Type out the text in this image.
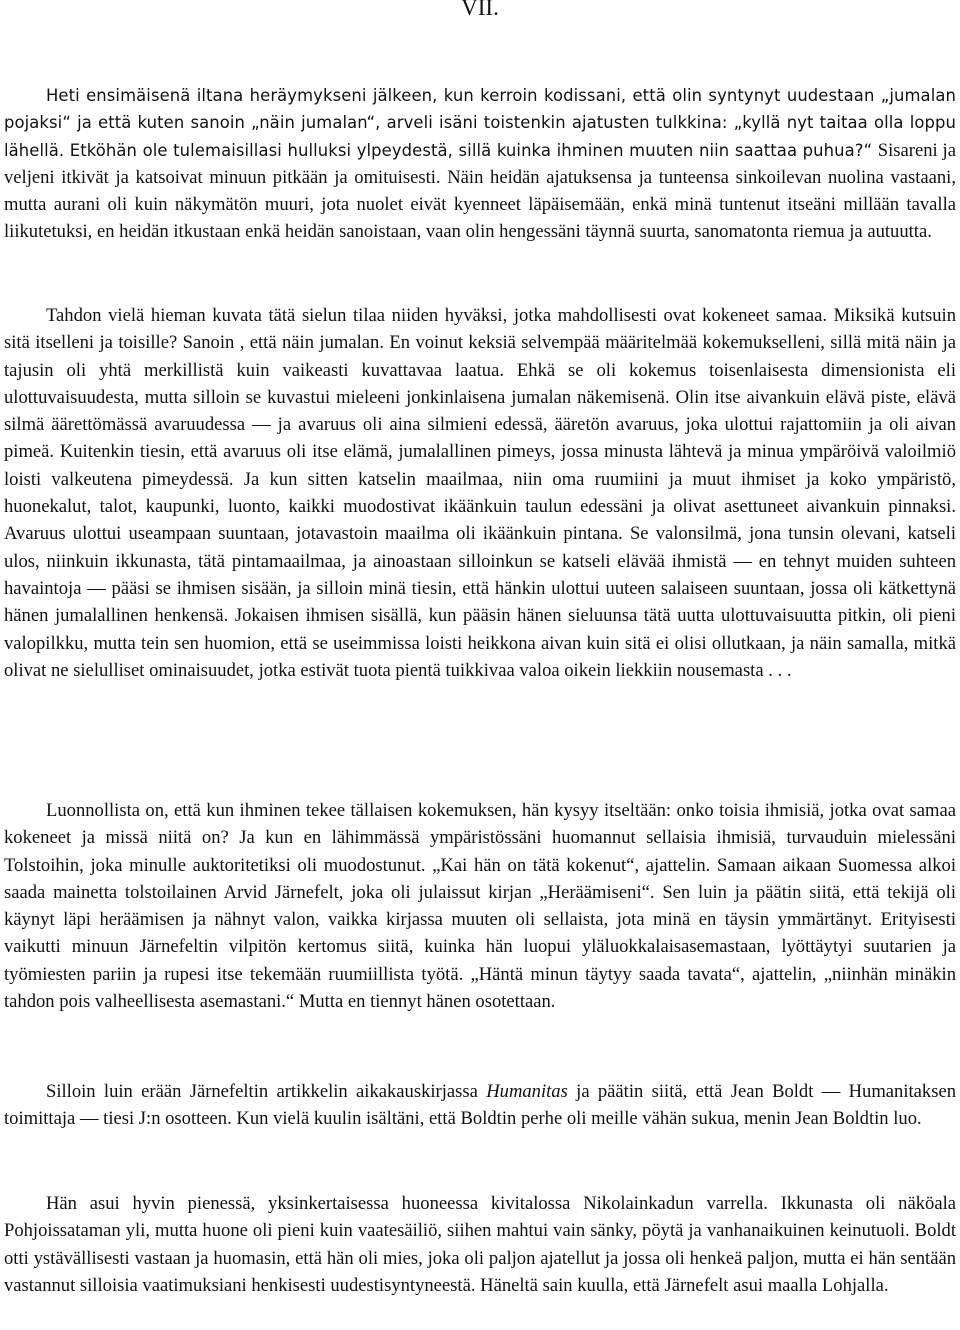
VII.

Heti ensimäisenä iltana heräymykseni jälkeen, kun kerroin kodissani, että olin syntynyt uudestaan „jumalan pojaksi“ ja että kuten sanoin „näin jumalan“, arveli isäni toistenkin ajatusten tulkkina: „kyllä nyt taitaa olla loppu lähellä. Etköhän ole tulemaisillasi hulluksi ylpeydestä, sillä kuinka ihminen muuten niin saattaa puhua?“ Sisareni ja veljeni itkivät ja katsoivat minuun pitkään ja omituisesti. Näin heidän ajatuksensa ja tunteensa sinkoilevan nuolina vastaani, mutta aurani oli kuin näkymätön muuri, jota nuolet eivät kyenneet läpäisemään, enkä minä tuntenut itseäni millään tavalla liikutetuksi, en heidän itkustaan enkä heidän sanoistaan, vaan olin hengessäni täynnä suurta, sanomatonta riemua ja autuutta.

Tahdon vielä hieman kuvata tätä sielun tilaa niiden hyväksi, jotka mahdollisesti ovat kokeneet samaa. Miksikä kutsuin sitä itselleni ja toisille? Sanoin , että näin jumalan. En voinut keksiä selvempää määritelmää kokemukselleni, sillä mitä näin ja tajusin oli yhtä merkillistä kuin vaikeasti kuvattavaa laatua. Ehkä se oli kokemus toisenlaisesta dimensionista eli ulottuvaisuudesta, mutta silloin se kuvastui mieleeni jonkinlaisena jumalan näkemisenä. Olin itse aivankuin elävä piste, elävä silmä äärettömässä avaruudessa — ja avaruus oli aina silmieni edessä, ääretön avaruus, joka ulottui rajattomiin ja oli aivan pimeä. Kuitenkin tiesin, että avaruus oli itse elämä, jumalallinen pimeys, jossa minusta lähtevä ja minua ympäröivä valoilmiö loisti valkeutena pimeydessä. Ja kun sitten katselin maailmaa, niin oma ruumiini ja muut ihmiset ja koko ympäristö, huonekalut, talot, kaupunki, luonto, kaikki muodostivat ikäänkuin taulun edessäni ja olivat asettuneet aivankuin pinnaksi. Avaruus ulottui useampaan suuntaan, jotavastoin maailma oli ikäänkuin pintana. Se valonsilmä, jona tunsin olevani, katseli ulos, niinkuin ikkunasta, tätä pintamaailmaa, ja ainoastaan silloinkun se katseli elävää ihmistä — en tehnyt muiden suhteen havaintoja — pääsi se ihmisen sisään, ja silloin minä tiesin, että hänkin ulottui uuteen salaiseen suuntaan, jossa oli kätkettynä hänen jumalallinen henkensä. Jokaisen ihmisen sisällä, kun pääsin hänen sieluunsa tätä uutta ulottuvaisuutta pitkin, oli pieni valopilkku, mutta tein sen huomion, että se useimmissa loisti heikkona aivan kuin sitä ei olisi ollutkaan, ja näin samalla, mitkä olivat ne sielulliset ominaisuudet, jotka estivät tuota pientä tuikkivaa valoa oikein liekkiin nousemasta . . .

Luonnollista on, että kun ihminen tekee tällaisen kokemuksen, hän kysyy itseltään: onko toisia ihmisiä, jotka ovat samaa kokeneet ja missä niitä on? Ja kun en lähimmässä ympäristössäni huomannut sellaisia ihmisiä, turvauduin mielessäni Tolstoihin, joka minulle auktoritetiksi oli muodostunut. „Kai hän on tätä kokenut“, ajattelin. Samaan aikaan Suomessa alkoi saada mainetta tolstoilainen Arvid Järnefelt, joka oli julaissut kirjan „Heräämiseni“. Sen luin ja päätin siitä, että tekijä oli käynyt läpi heräämisen ja nähnyt valon, vaikka kirjassa muuten oli sellaista, jota minä en täysin ymmärtänyt. Erityisesti vaikutti minuun Järnefeltin vilpitön kertomus siitä, kuinka hän luopui yläluokkalaisasemastaan, lyöttäytyi suutarien ja työmiesten pariin ja rupesi itse tekemään ruumiillista työtä. „Häntä minun täytyy saada tavata“, ajattelin, „niinhän minäkin tahdon pois valheellisesta asemastani.“ Mutta en tiennyt hänen osotettaan.

Silloin luin erään Järnefeltin artikkelin aikakauskirjassa Humanitas ja päätin siitä, että Jean Boldt — Humanitaksen toimittaja — tiesi J:n osotteen. Kun vielä kuulin isältäni, että Boldtin perhe oli meille vähän sukua, menin Jean Boldtin luo.

Hän asui hyvin pienessä, yksinkertaisessa huoneessa kivitalossa Nikolainkadun varrella. Ikkunasta oli näköala Pohjoissataman yli, mutta huone oli pieni kuin vaatesäiliö, siihen mahtui vain sänky, pöytä ja vanhanaikuinen keinutuoli. Boldt otti ystävällisesti vastaan ja huomasin, että hän oli mies, joka oli paljon ajatellut ja jossa oli henkeä paljon, mutta ei hän sentään vastannut silloisia vaatimuksiani henkisesti uudestisyntyneestä. Häneltä sain kuulla, että Järnefelt asui maalla Lohjalla.
